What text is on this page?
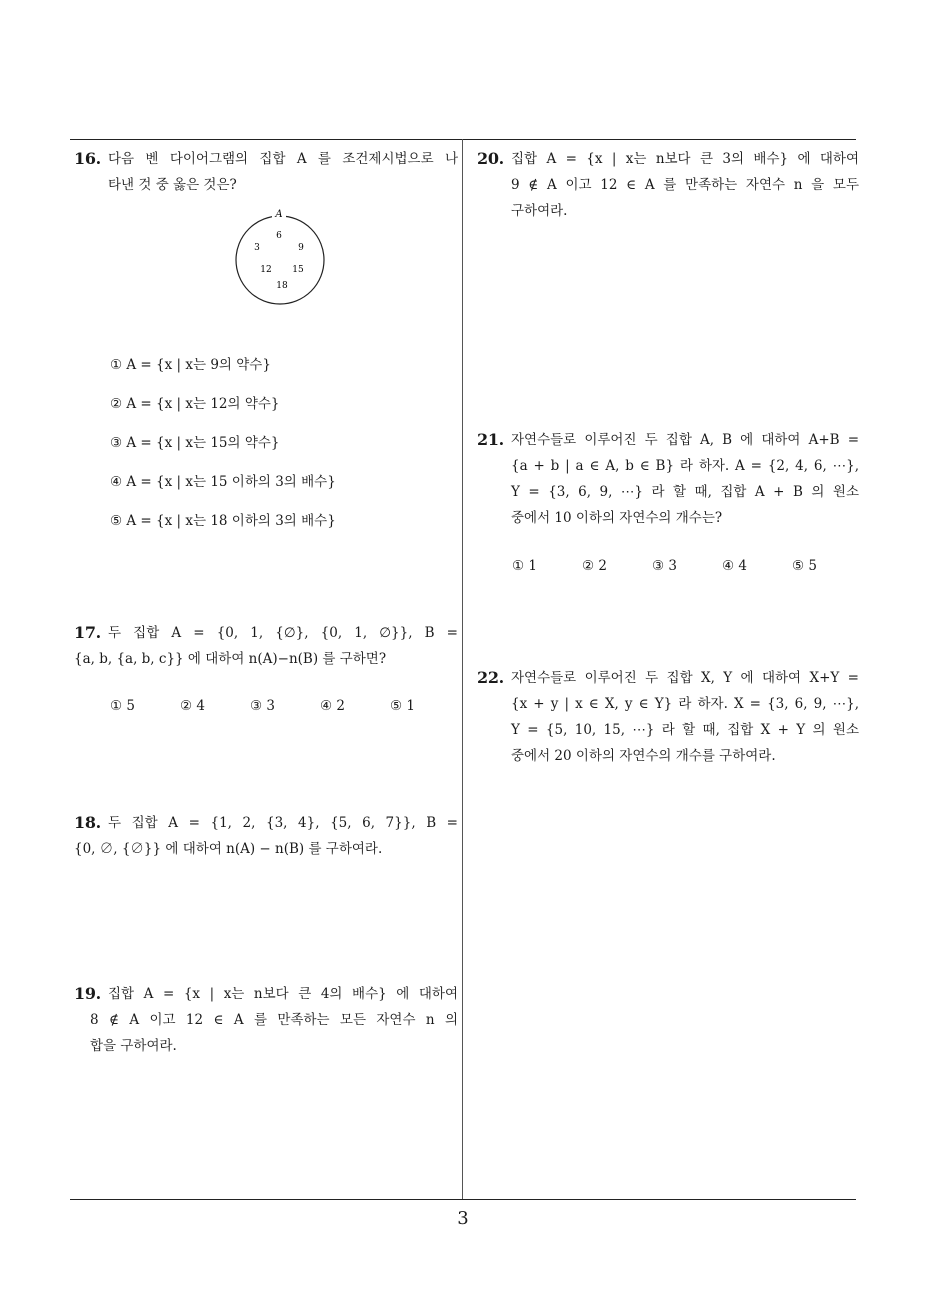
3
16. 다음 벤 다이어그램의 집합 A 를 조건제시법으로 나
타낸 것 중 옳은 것은?
A
6
3	9
12 15
18
① A = {x | x는 9의 약수}
② A = {x | x는 12의 약수}
③ A = {x | x는 15의 약수}
④ A = {x | x는 15 이하의 3의 배수}
⑤ A = {x | x는 18 이하의 3의 배수}
17. 두 집합 A = {0, 1, {∅}, {0, 1, ∅}}, B =
{a, b, {a, b, c}} 에 대하여 n(A)−n(B) 를 구하면?
① 5	② 4	③ 3	④ 2	⑤ 1
18. 두 집합 A = {1, 2, {3, 4}, {5, 6, 7}}, B =
{0, ∅, {∅}} 에 대하여 n(A) − n(B) 를 구하여라.
19. 집합 A = {x | x는 n보다 큰 4의 배수} 에 대하여
8 ∉ A 이고 12 ∈ A 를 만족하는 모든 자연수 n 의
합을 구하여라.
20. 집합 A = {x | x는 n보다 큰 3의 배수} 에 대하여
9 ∉ A 이고 12 ∈ A 를 만족하는 자연수 n 을 모두
구하여라.
21. 자연수들로 이루어진 두 집합 A, B 에 대하여 A+B =
{a + b | a ∈ A, b ∈ B} 라 하자. A = {2, 4, 6, ⋯},
Y = {3, 6, 9, ⋯} 라 할 때, 집합 A + B 의 원소
중에서 10 이하의 자연수의 개수는?
① 1	② 2	③ 3	④ 4	⑤ 5
22. 자연수들로 이루어진 두 집합 X, Y 에 대하여 X+Y =
{x + y | x ∈ X, y ∈ Y} 라 하자. X = {3, 6, 9, ⋯},
Y = {5, 10, 15, ⋯} 라 할 때, 집합 X + Y 의 원소
중에서 20 이하의 자연수의 개수를 구하여라.
